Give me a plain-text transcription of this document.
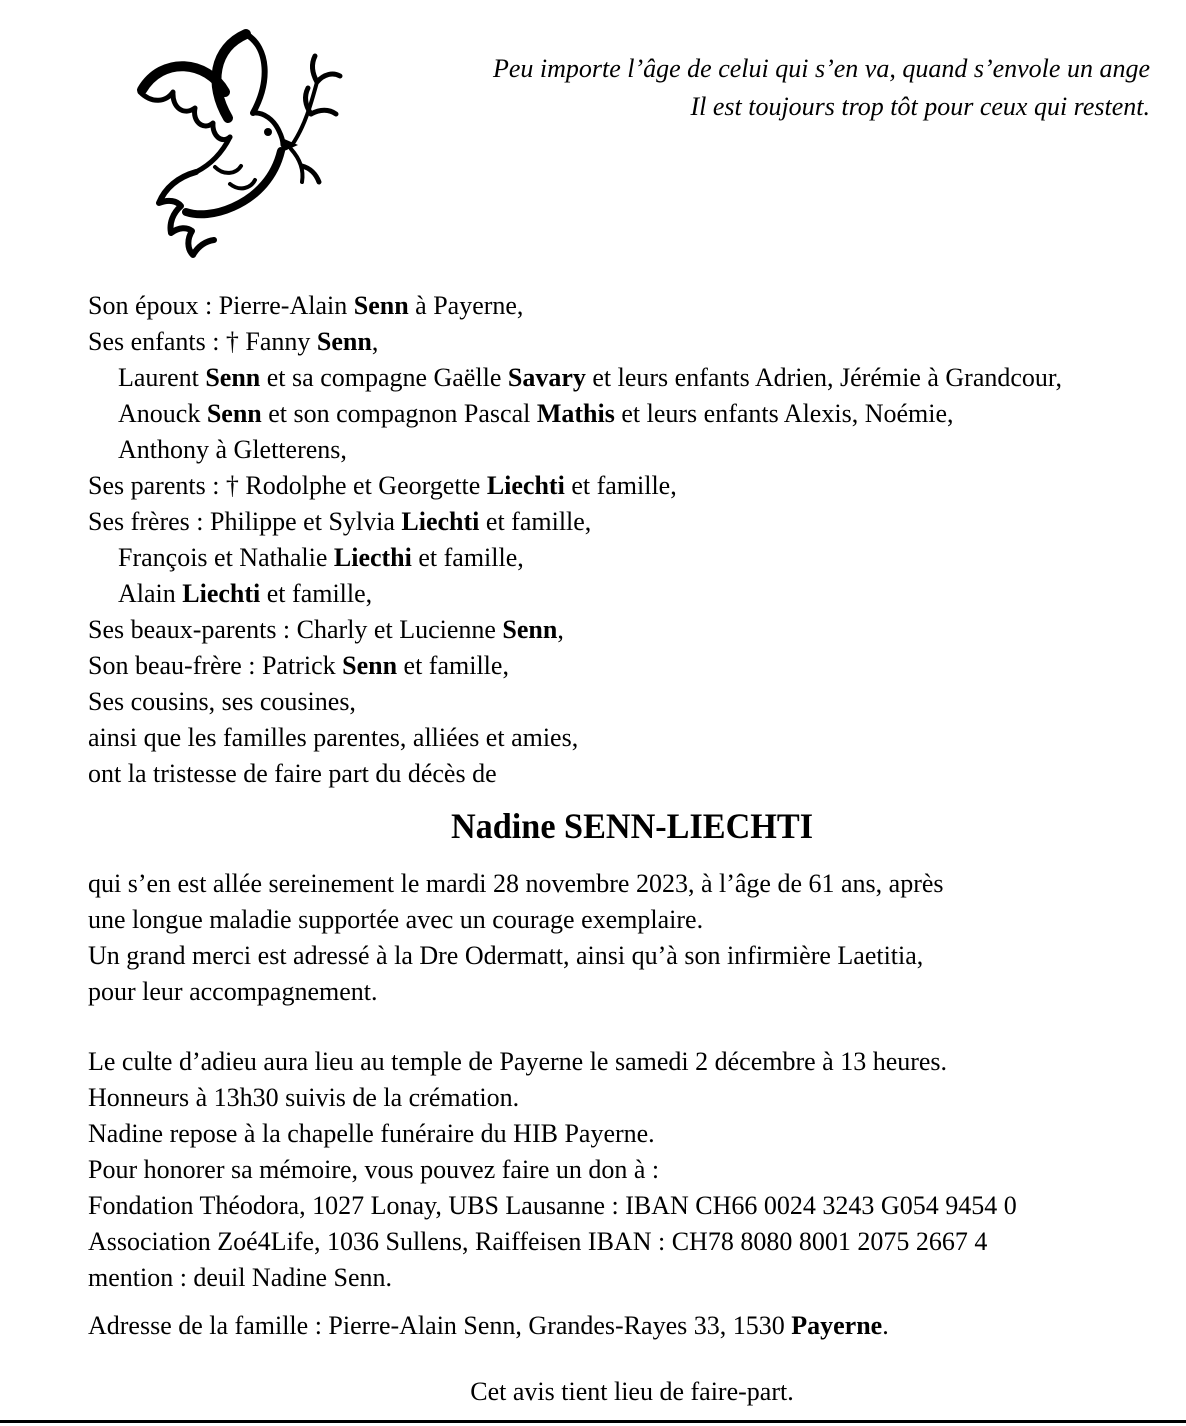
Peu importe l’âge de celui qui s’en va, quand s’envole un ange
Il est toujours trop tôt pour ceux qui restent.
Son époux : Pierre-Alain Senn à Payerne,
Ses enfants : † Fanny Senn,
Laurent Senn et sa compagne Gaëlle Savary et leurs enfants Adrien, Jérémie à Grandcour,
Anouck Senn et son compagnon Pascal Mathis et leurs enfants Alexis, Noémie,
Anthony à Gletterens,
Ses parents : † Rodolphe et Georgette Liechti et famille,
Ses frères : Philippe et Sylvia Liechti et famille,
François et Nathalie Liecthi et famille,
Alain Liechti et famille,
Ses beaux-parents : Charly et Lucienne Senn,
Son beau-frère : Patrick Senn et famille,
Ses cousins, ses cousines,
ainsi que les familles parentes, alliées et amies,
ont la tristesse de faire part du décès de
Nadine SENN-LIECHTI
qui s’en est allée sereinement le mardi 28 novembre 2023, à l’âge de 61 ans, après
une longue maladie supportée avec un courage exemplaire.
Un grand merci est adressé à la Dre Odermatt, ainsi qu’à son infirmière Laetitia,
pour leur accompagnement.
Le culte d’adieu aura lieu au temple de Payerne le samedi 2 décembre à 13 heures.
Honneurs à 13h30 suivis de la crémation.
Nadine repose à la chapelle funéraire du HIB Payerne.
Pour honorer sa mémoire, vous pouvez faire un don à :
Fondation Théodora, 1027 Lonay, UBS Lausanne : IBAN CH66 0024 3243 G054 9454 0
Association Zoé4Life, 1036 Sullens, Raiffeisen IBAN : CH78 8080 8001 2075 2667 4
mention : deuil Nadine Senn.
Adresse de la famille : Pierre-Alain Senn, Grandes-Rayes 33, 1530 Payerne.
Cet avis tient lieu de faire-part.
